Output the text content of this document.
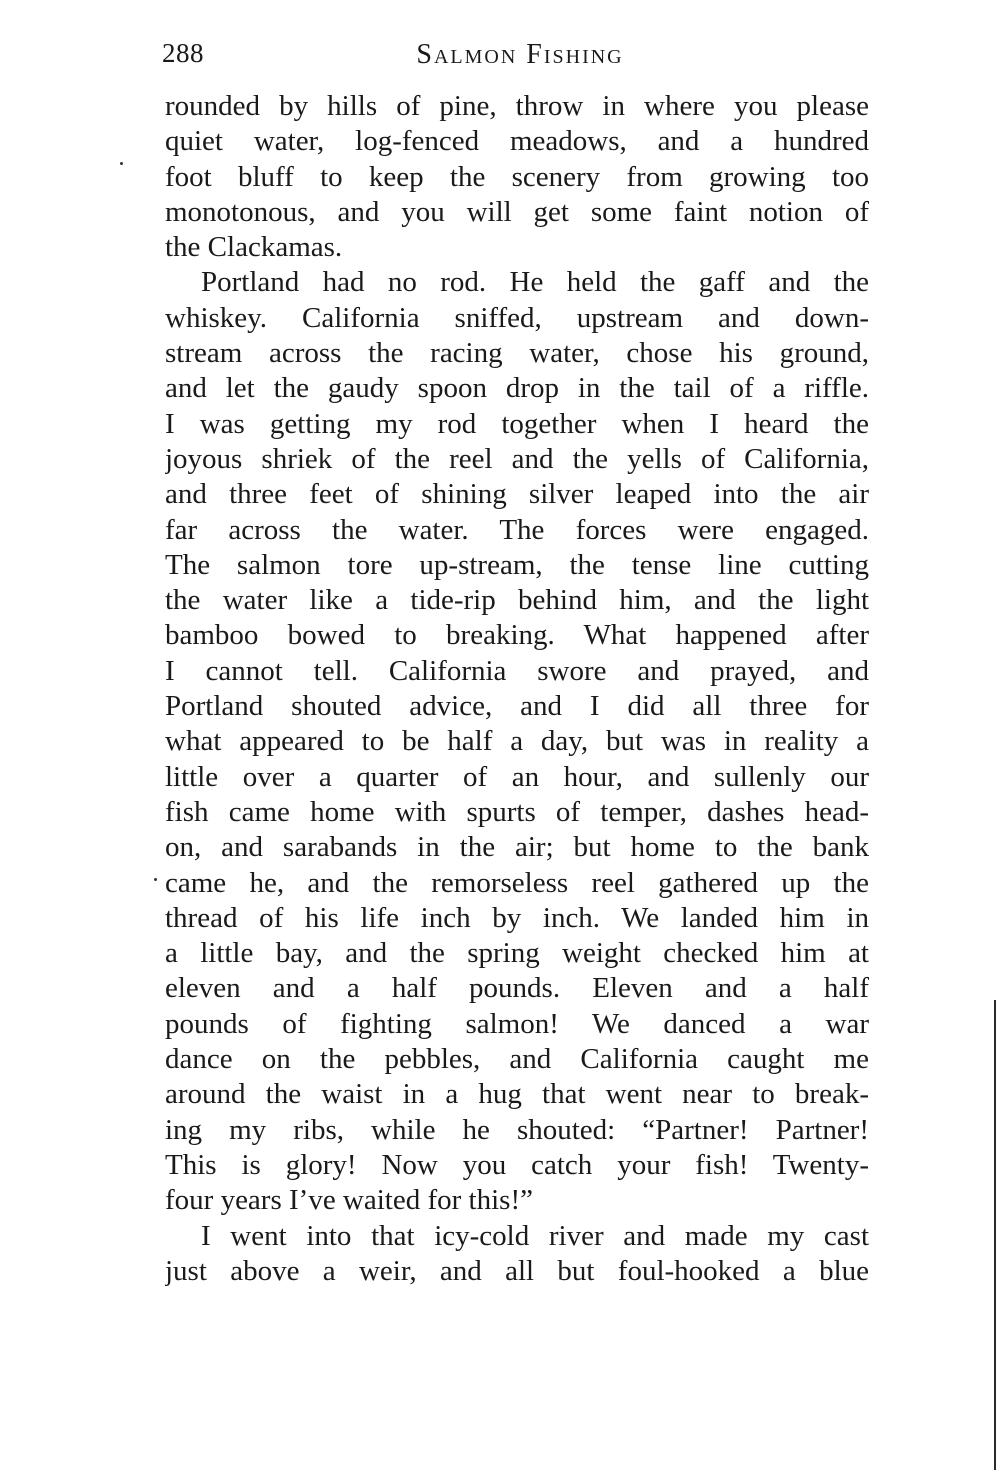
288	Salmon Fishing
rounded by hills of pine, throw in where you please
quiet water, log-fenced meadows, and a hundred
foot bluff to keep the scenery from growing too
monotonous, and you will get some faint notion of
the Clackamas.
Portland had no rod. He held the gaff and the
whiskey. California sniffed, upstream and down-
stream across the racing water, chose his ground,
and let the gaudy spoon drop in the tail of a riffle.
I was getting my rod together when I heard the
joyous shriek of the reel and the yells of California,
and three feet of shining silver leaped into the air
far across the water. The forces were engaged.
The salmon tore up-stream, the tense line cutting
the water like a tide-rip behind him, and the light
bamboo bowed to breaking. What happened after
I cannot tell. California swore and prayed, and
Portland shouted advice, and I did all three for
what appeared to be half a day, but was in reality a
little over a quarter of an hour, and sullenly our
fish came home with spurts of temper, dashes head-
on, and sarabands in the air; but home to the bank
came he, and the remorseless reel gathered up the
thread of his life inch by inch. We landed him in
a little bay, and the spring weight checked him at
eleven and a half pounds. Eleven and a half
pounds of fighting salmon! We danced a war
dance on the pebbles, and California caught me
around the waist in a hug that went near to break-
ing my ribs, while he shouted: “Partner! Partner!
This is glory! Now you catch your fish! Twenty-
four years I’ve waited for this!”
I went into that icy-cold river and made my cast
just above a weir, and all but foul-hooked a blue
